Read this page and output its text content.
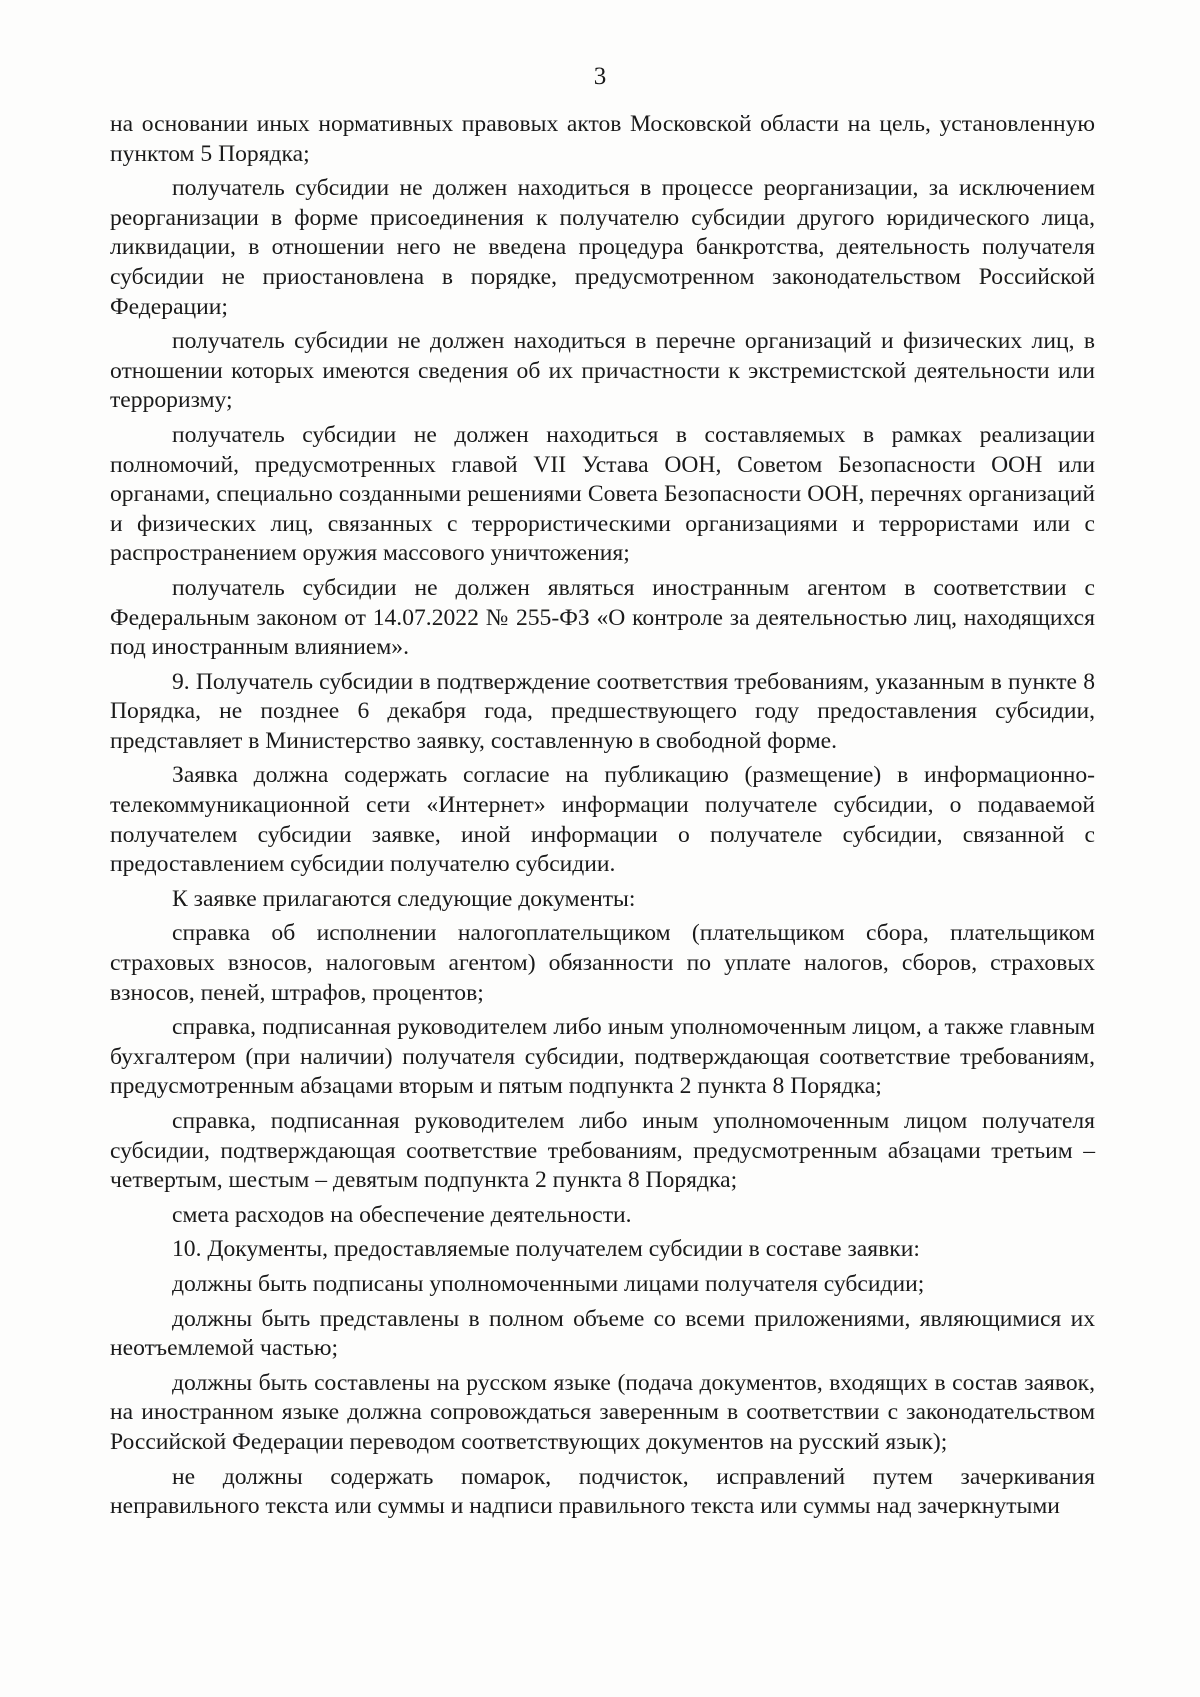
3

на основании иных нормативных правовых актов Московской области на цель, установленную пунктом 5 Порядка;

получатель субсидии не должен находиться в процессе реорганизации, за исключением реорганизации в форме присоединения к получателю субсидии другого юридического лица, ликвидации, в отношении него не введена процедура банкротства, деятельность получателя субсидии не приостановлена в порядке, предусмотренном законодательством Российской Федерации;

получатель субсидии не должен находиться в перечне организаций и физических лиц, в отношении которых имеются сведения об их причастности к экстремистской деятельности или терроризму;

получатель субсидии не должен находиться в составляемых в рамках реализации полномочий, предусмотренных главой VII Устава ООН, Советом Безопасности ООН или органами, специально созданными решениями Совета Безопасности ООН, перечнях организаций и физических лиц, связанных с террористическими организациями и террористами или с распространением оружия массового уничтожения;

получатель субсидии не должен являться иностранным агентом в соответствии с Федеральным законом от 14.07.2022 № 255-ФЗ «О контроле за деятельностью лиц, находящихся под иностранным влиянием».

9. Получатель субсидии в подтверждение соответствия требованиям, указанным в пункте 8 Порядка, не позднее 6 декабря года, предшествующего году предоставления субсидии, представляет в Министерство заявку, составленную в свободной форме.

Заявка должна содержать согласие на публикацию (размещение) в информационно-телекоммуникационной сети «Интернет» информации получателе субсидии, о подаваемой получателем субсидии заявке, иной информации о получателе субсидии, связанной с предоставлением субсидии получателю субсидии.

К заявке прилагаются следующие документы:

справка об исполнении налогоплательщиком (плательщиком сбора, плательщиком страховых взносов, налоговым агентом) обязанности по уплате налогов, сборов, страховых взносов, пеней, штрафов, процентов;

справка, подписанная руководителем либо иным уполномоченным лицом, а также главным бухгалтером (при наличии) получателя субсидии, подтверждающая соответствие требованиям, предусмотренным абзацами вторым и пятым подпункта 2 пункта 8 Порядка;

справка, подписанная руководителем либо иным уполномоченным лицом получателя субсидии, подтверждающая соответствие требованиям, предусмотренным абзацами третьим – четвертым, шестым – девятым подпункта 2 пункта 8 Порядка;

смета расходов на обеспечение деятельности.

10. Документы, предоставляемые получателем субсидии в составе заявки:

должны быть подписаны уполномоченными лицами получателя субсидии;

должны быть представлены в полном объеме со всеми приложениями, являющимися их неотъемлемой частью;

должны быть составлены на русском языке (подача документов, входящих в состав заявок, на иностранном языке должна сопровождаться заверенным в соответствии с законодательством Российской Федерации переводом соответствующих документов на русский язык);

не должны содержать помарок, подчисток, исправлений путем зачеркивания неправильного текста или суммы и надписи правильного текста или суммы над зачеркнутыми
